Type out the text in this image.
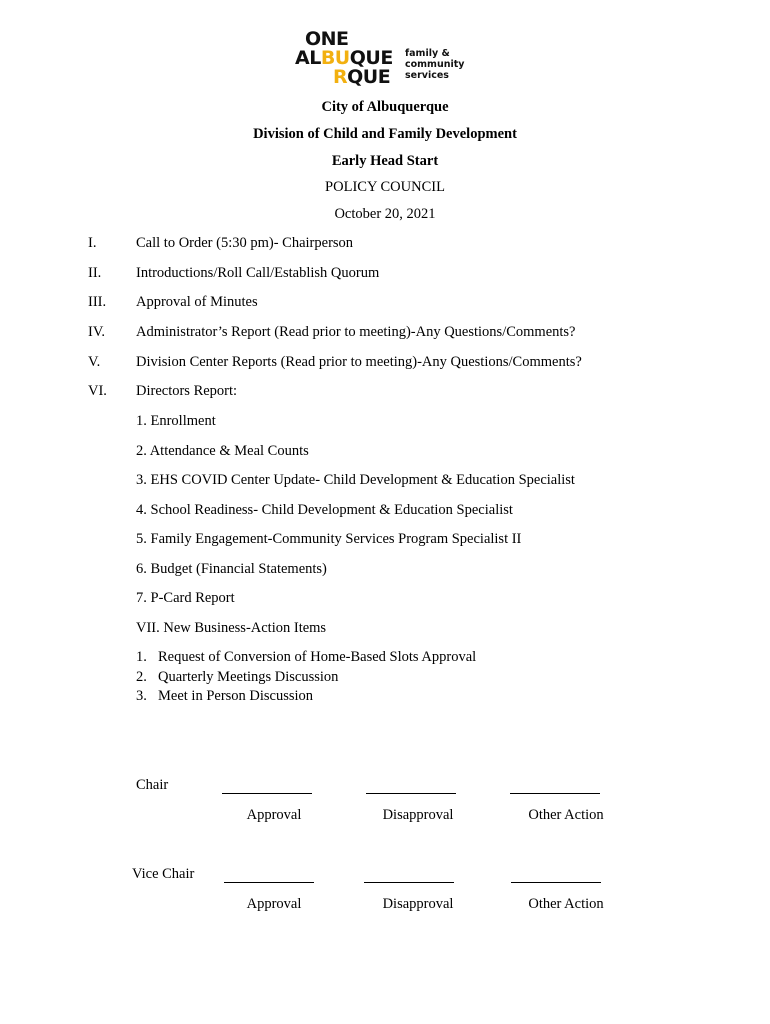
ONE
ALBUQUE
RQUE
family &
community
services
City of Albuquerque
Division of Child and Family Development
Early Head Start
POLICY COUNCIL
October 20, 2021
I.	Call to Order (5:30 pm)- Chairperson
II. Introductions/Roll Call/Establish Quorum
III. Approval of Minutes
IV. Administrator’s Report (Read prior to meeting)-Any Questions/Comments?
V. Division Center Reports (Read prior to meeting)-Any Questions/Comments?
VI. Directors Report:
1. Enrollment
2. Attendance & Meal Counts
3. EHS COVID Center Update- Child Development & Education Specialist
4. School Readiness- Child Development & Education Specialist
5. Family Engagement-Community Services Program Specialist II
6. Budget (Financial Statements)
7. P-Card Report
VII. New Business-Action Items
1. Request of Conversion of Home-Based Slots Approval
2. Quarterly Meetings Discussion
3. Meet in Person Discussion
Chair
Approval	Disapproval	Other Action
Vice Chair
Approval	Disapproval	Other Action
